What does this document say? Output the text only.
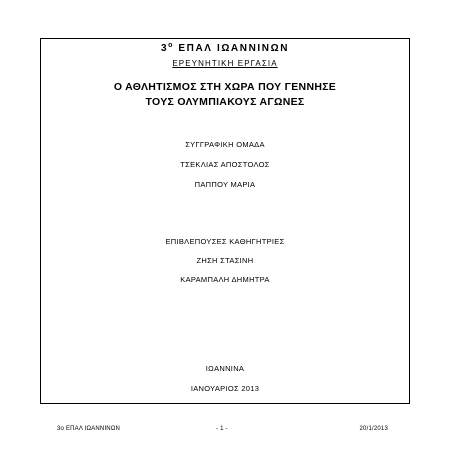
$3^o$ ΕΠΑΛ ΙΩΑΝΝΙΝΩΝ
ΕΡΕΥΝΗΤΙΚΗ ΕΡΓΑΣΙΑ
Ο ΑΘΛΗΤΙΣΜΟΣ ΣΤΗ ΧΩΡΑ ΠΟΥ ΓΕΝΝΗΣΕ
ΤΟΥΣ ΟΛΥΜΠΙΑΚΟΥΣ ΑΓΩΝΕΣ
ΣΥΓΓΡΑΦΙΚΗ ΟΜΑΔΑ
ΤΣΕΚΛΙΑΣ ΑΠΟΣΤΟΛΟΣ
ΠΑΠΠΟΥ ΜΑΡΙΑ
ΕΠΙΒΛΕΠΟΥΣΕΣ ΚΑΘΗΓΗΤΡΙΕΣ
ΖΗΣΗ ΣΤΑΣΙΝΗ
ΚΑΡΑΜΠΑΛΗ ΔΗΜΗΤΡΑ
ΙΩΑΝΝΙΝΑ
ΙΑΝΟΥΑΡΙΟΣ 2013
3ο ΕΠΑΛ ΙΩΑΝΝΙΝΩΝ	- 1 -	20/1/2013
